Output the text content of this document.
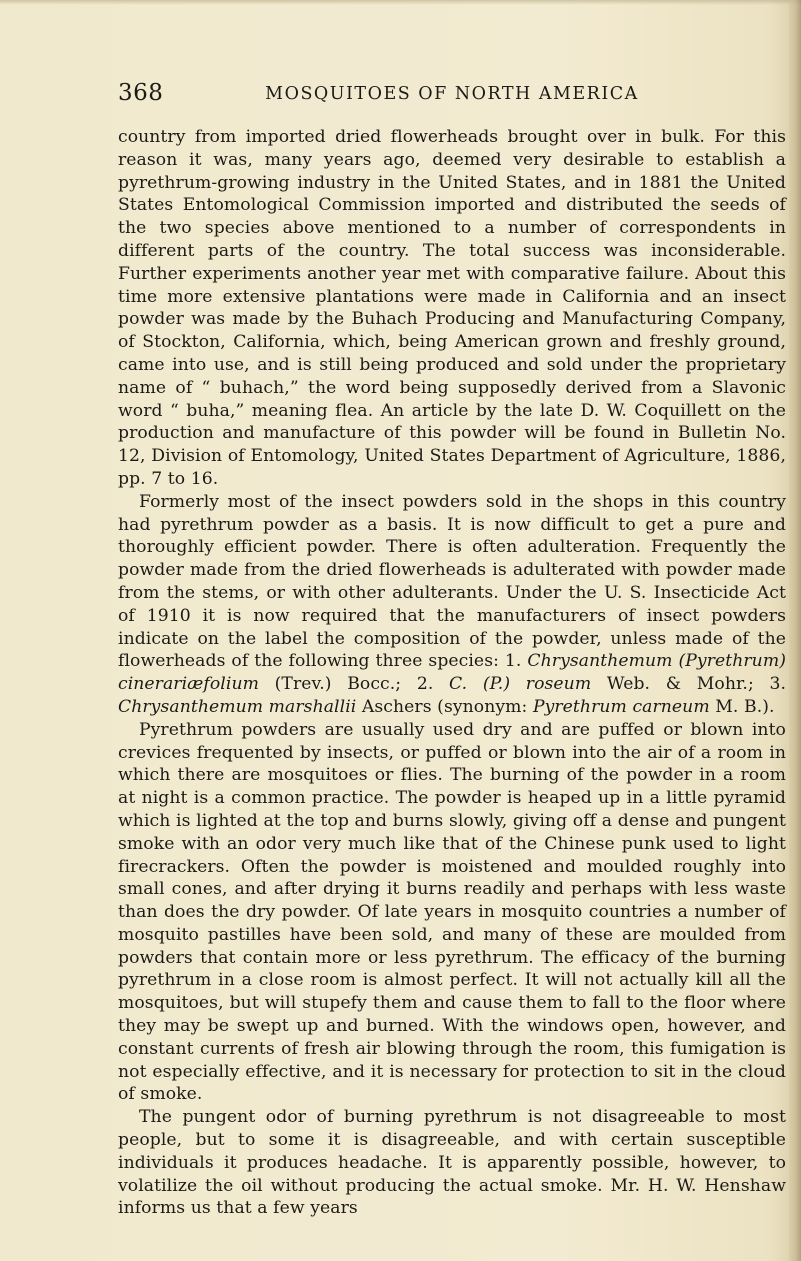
368	MOSQUITOES OF NORTH AMERICA

country from imported dried flowerheads brought over in bulk. For this reason it was, many years ago, deemed very desirable to establish a pyrethrum-growing industry in the United States, and in 1881 the United States Entomological Commission imported and distributed the seeds of the two species above mentioned to a number of correspondents in different parts of the country. The total success was inconsiderable. Further experiments another year met with comparative failure. About this time more extensive plantations were made in California and an insect powder was made by the Buhach Producing and Manufacturing Company, of Stockton, California, which, being American grown and freshly ground, came into use, and is still being produced and sold under the proprietary name of “ buhach,” the word being supposedly derived from a Slavonic word “ buha,” meaning flea. An article by the late D. W. Coquillett on the production and manufacture of this powder will be found in Bulletin No. 12, Division of Entomology, United States Department of Agriculture, 1886, pp. 7 to 16.

Formerly most of the insect powders sold in the shops in this country had pyrethrum powder as a basis. It is now difficult to get a pure and thoroughly efficient powder. There is often adulteration. Frequently the powder made from the dried flowerheads is adulterated with powder made from the stems, or with other adulterants. Under the U. S. Insecticide Act of 1910 it is now required that the manufacturers of insect powders indicate on the label the composition of the powder, unless made of the flowerheads of the following three species: 1. Chrysanthemum (Pyrethrum) cinerariæfolium (Trev.) Bocc.; 2. C. (P.) roseum Web. & Mohr.; 3. Chrysanthemum marshallii Aschers (synonym: Pyrethrum carneum M. B.).

Pyrethrum powders are usually used dry and are puffed or blown into crevices frequented by insects, or puffed or blown into the air of a room in which there are mosquitoes or flies. The burning of the powder in a room at night is a common practice. The powder is heaped up in a little pyramid which is lighted at the top and burns slowly, giving off a dense and pungent smoke with an odor very much like that of the Chinese punk used to light firecrackers. Often the powder is moistened and moulded roughly into small cones, and after drying it burns readily and perhaps with less waste than does the dry powder. Of late years in mosquito countries a number of mosquito pastilles have been sold, and many of these are moulded from powders that contain more or less pyrethrum. The efficacy of the burning pyrethrum in a close room is almost perfect. It will not actually kill all the mosquitoes, but will stupefy them and cause them to fall to the floor where they may be swept up and burned. With the windows open, however, and constant currents of fresh air blowing through the room, this fumigation is not especially effective, and it is necessary for protection to sit in the cloud of smoke.

The pungent odor of burning pyrethrum is not disagreeable to most people, but to some it is disagreeable, and with certain susceptible individuals it produces headache. It is apparently possible, however, to volatilize the oil without producing the actual smoke. Mr. H. W. Henshaw informs us that a few years
